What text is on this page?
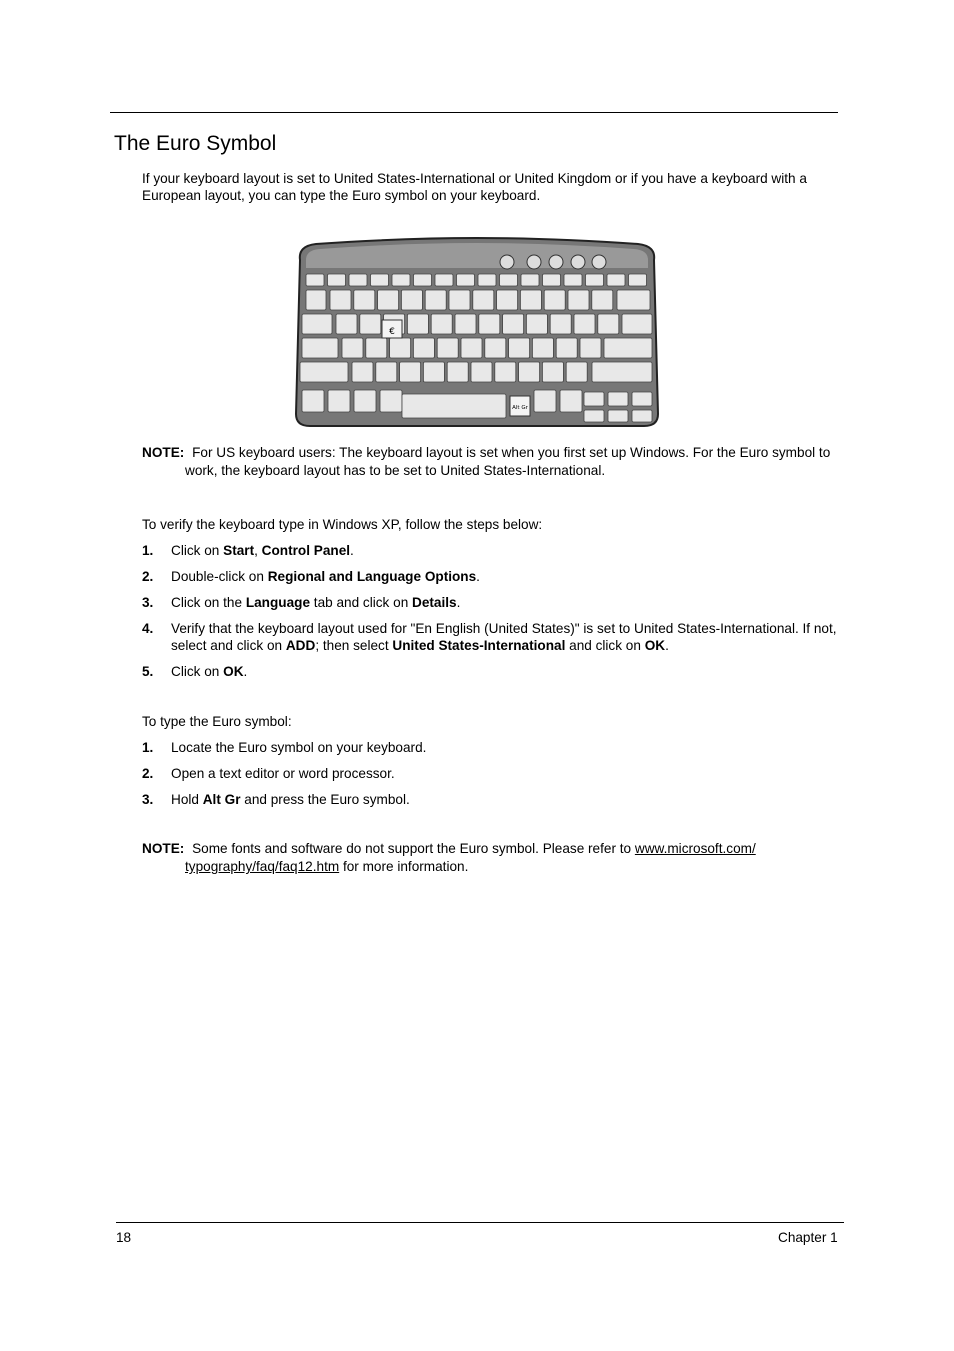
The Euro Symbol

If your keyboard layout is set to United States-International or United Kingdom or if you have a keyboard with a European layout, you can type the Euro symbol on your keyboard.

€
Alt Gr

NOTE: For US keyboard users: The keyboard layout is set when you first set up Windows. For the Euro symbol to work, the keyboard layout has to be set to United States-International.

To verify the keyboard type in Windows XP, follow the steps below:

1. Click on Start, Control Panel.
2. Double-click on Regional and Language Options.
3. Click on the Language tab and click on Details.
4. Verify that the keyboard layout used for "En English (United States)" is set to United States-International. If not, select and click on ADD; then select United States-International and click on OK.
5. Click on OK.

To type the Euro symbol:

1. Locate the Euro symbol on your keyboard.
2. Open a text editor or word processor.
3. Hold Alt Gr and press the Euro symbol.

NOTE: Some fonts and software do not support the Euro symbol. Please refer to www.microsoft.com/
typography/faq/faq12.htm for more information.

18	Chapter 1
